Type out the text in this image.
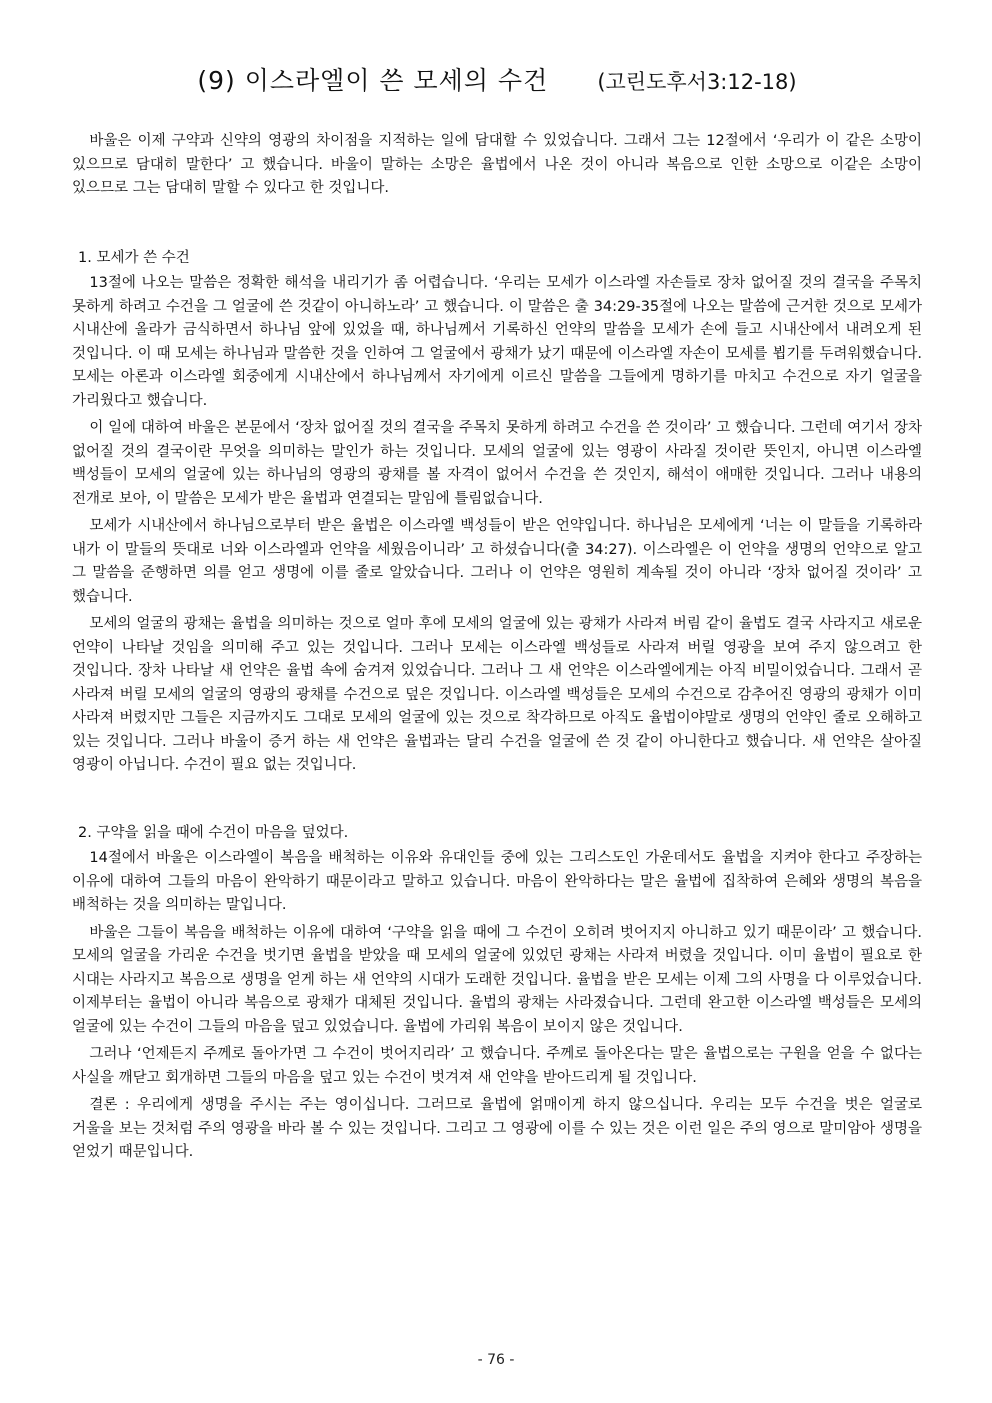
(9) 이스라엘이 쓴 모세의 수건 (고린도후서3:12-18)

바울은 이제 구약과 신약의 영광의 차이점을 지적하는 일에 담대할 수 있었습니다. 그래서 그는 12절에서 ‘우리가 이 같은 소망이 있으므로 담대히 말한다’ 고 했습니다. 바울이 말하는 소망은 율법에서 나온 것이 아니라 복음으로 인한 소망으로 이같은 소망이 있으므로 그는 담대히 말할 수 있다고 한 것입니다.

1. 모세가 쓴 수건

13절에 나오는 말씀은 정확한 해석을 내리기가 좀 어렵습니다. ‘우리는 모세가 이스라엘 자손들로 장차 없어질 것의 결국을 주목치 못하게 하려고 수건을 그 얼굴에 쓴 것같이 아니하노라’ 고 했습니다. 이 말씀은 출 34:29-35절에 나오는 말씀에 근거한 것으로 모세가 시내산에 올라가 금식하면서 하나님 앞에 있었을 때, 하나님께서 기록하신 언약의 말씀을 모세가 손에 들고 시내산에서 내려오게 된 것입니다. 이 때 모세는 하나님과 말씀한 것을 인하여 그 얼굴에서 광채가 났기 때문에 이스라엘 자손이 모세를 뵙기를 두려워했습니다. 모세는 아론과 이스라엘 회중에게 시내산에서 하나님께서 자기에게 이르신 말씀을 그들에게 명하기를 마치고 수건으로 자기 얼굴을 가리웠다고 했습니다.

이 일에 대하여 바울은 본문에서 ‘장차 없어질 것의 결국을 주목치 못하게 하려고 수건을 쓴 것이라’ 고 했습니다. 그런데 여기서 장차 없어질 것의 결국이란 무엇을 의미하는 말인가 하는 것입니다. 모세의 얼굴에 있는 영광이 사라질 것이란 뜻인지, 아니면 이스라엘 백성들이 모세의 얼굴에 있는 하나님의 영광의 광채를 볼 자격이 없어서 수건을 쓴 것인지, 해석이 애매한 것입니다. 그러나 내용의 전개로 보아, 이 말씀은 모세가 받은 율법과 연결되는 말임에 틀림없습니다.

모세가 시내산에서 하나님으로부터 받은 율법은 이스라엘 백성들이 받은 언약입니다. 하나님은 모세에게 ‘너는 이 말들을 기록하라 내가 이 말들의 뜻대로 너와 이스라엘과 언약을 세웠음이니라’ 고 하셨습니다(출 34:27). 이스라엘은 이 언약을 생명의 언약으로 알고 그 말씀을 준행하면 의를 얻고 생명에 이를 줄로 알았습니다. 그러나 이 언약은 영원히 계속될 것이 아니라 ‘장차 없어질 것이라’ 고 했습니다.

모세의 얼굴의 광채는 율법을 의미하는 것으로 얼마 후에 모세의 얼굴에 있는 광채가 사라져 버림 같이 율법도 결국 사라지고 새로운 언약이 나타날 것임을 의미해 주고 있는 것입니다. 그러나 모세는 이스라엘 백성들로 사라져 버릴 영광을 보여 주지 않으려고 한 것입니다. 장차 나타날 새 언약은 율법 속에 숨겨져 있었습니다. 그러나 그 새 언약은 이스라엘에게는 아직 비밀이었습니다. 그래서 곧 사라져 버릴 모세의 얼굴의 영광의 광채를 수건으로 덮은 것입니다. 이스라엘 백성들은 모세의 수건으로 감추어진 영광의 광채가 이미 사라져 버렸지만 그들은 지금까지도 그대로 모세의 얼굴에 있는 것으로 착각하므로 아직도 율법이야말로 생명의 언약인 줄로 오해하고 있는 것입니다. 그러나 바울이 증거 하는 새 언약은 율법과는 달리 수건을 얼굴에 쓴 것 같이 아니한다고 했습니다. 새 언약은 살아질 영광이 아닙니다. 수건이 필요 없는 것입니다.

2. 구약을 읽을 때에 수건이 마음을 덮었다.

14절에서 바울은 이스라엘이 복음을 배척하는 이유와 유대인들 중에 있는 그리스도인 가운데서도 율법을 지켜야 한다고 주장하는 이유에 대하여 그들의 마음이 완악하기 때문이라고 말하고 있습니다. 마음이 완악하다는 말은 율법에 집착하여 은혜와 생명의 복음을 배척하는 것을 의미하는 말입니다.

바울은 그들이 복음을 배척하는 이유에 대하여 ‘구약을 읽을 때에 그 수건이 오히려 벗어지지 아니하고 있기 때문이라’ 고 했습니다. 모세의 얼굴을 가리운 수건을 벗기면 율법을 받았을 때 모세의 얼굴에 있었던 광채는 사라져 버렸을 것입니다. 이미 율법이 필요로 한 시대는 사라지고 복음으로 생명을 얻게 하는 새 언약의 시대가 도래한 것입니다. 율법을 받은 모세는 이제 그의 사명을 다 이루었습니다. 이제부터는 율법이 아니라 복음으로 광채가 대체된 것입니다. 율법의 광채는 사라졌습니다. 그런데 완고한 이스라엘 백성들은 모세의 얼굴에 있는 수건이 그들의 마음을 덮고 있었습니다. 율법에 가리워 복음이 보이지 않은 것입니다.

그러나 ‘언제든지 주께로 돌아가면 그 수건이 벗어지리라’ 고 했습니다. 주께로 돌아온다는 말은 율법으로는 구원을 얻을 수 없다는 사실을 깨닫고 회개하면 그들의 마음을 덮고 있는 수건이 벗겨져 새 언약을 받아드리게 될 것입니다.

결론 : 우리에게 생명을 주시는 주는 영이십니다. 그러므로 율법에 얽매이게 하지 않으십니다. 우리는 모두 수건을 벗은 얼굴로 거울을 보는 것처럼 주의 영광을 바라 볼 수 있는 것입니다. 그리고 그 영광에 이를 수 있는 것은 이런 일은 주의 영으로 말미암아 생명을 얻었기 때문입니다.

- 76 -
